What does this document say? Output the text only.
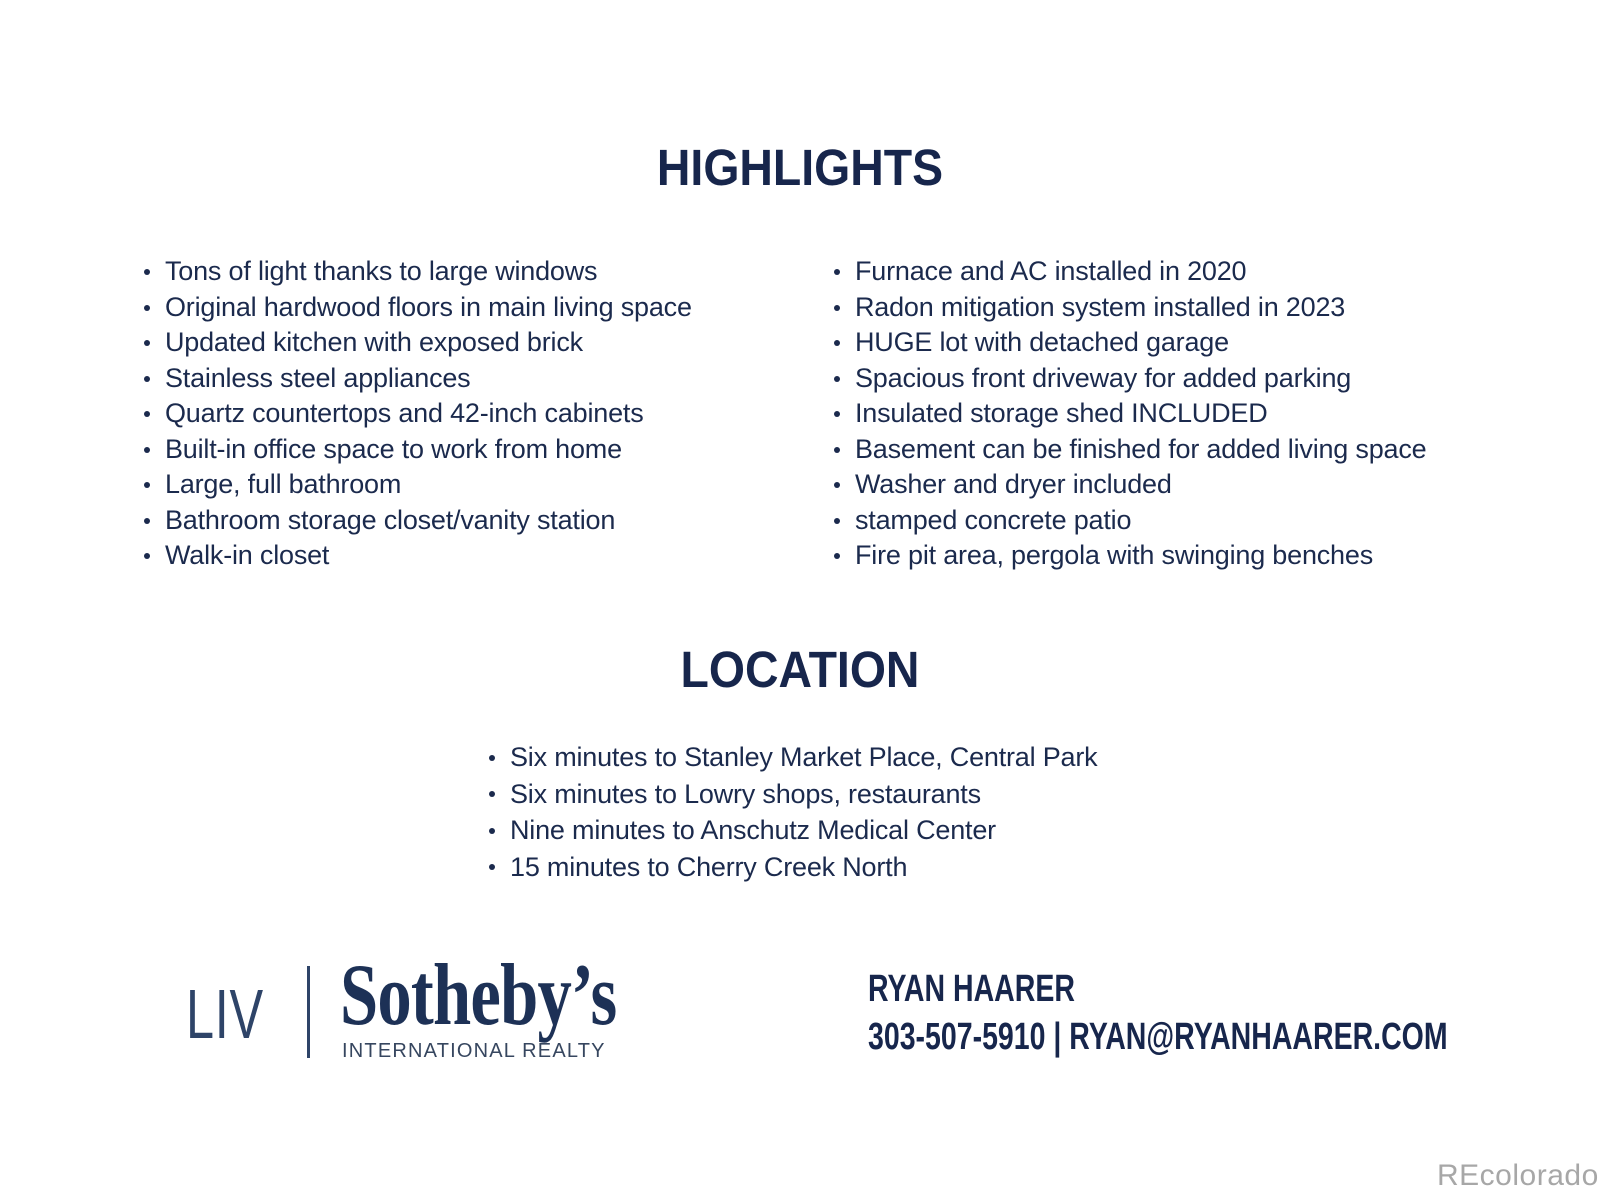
HIGHLIGHTS
Tons of light thanks to large windows
Original hardwood floors in main living space
Updated kitchen with exposed brick
Stainless steel appliances
Quartz countertops and 42-inch cabinets
Built-in office space to work from home
Large, full bathroom
Bathroom storage closet/vanity station
Walk-in closet
Furnace and AC installed in 2020
Radon mitigation system installed in 2023
HUGE lot with detached garage
Spacious front driveway for added parking
Insulated storage shed INCLUDED
Basement can be finished for added living space
Washer and dryer included
stamped concrete patio
Fire pit area, pergola with swinging benches
LOCATION
Six minutes to Stanley Market Place, Central Park
Six minutes to Lowry shops, restaurants
Nine minutes to Anschutz Medical Center
15 minutes to Cherry Creek North
LIV Sotheby’s
INTERNATIONAL REALTY
RYAN HAARER
303-507-5910 | RYAN@RYANHAARER.COM
REcolorado
